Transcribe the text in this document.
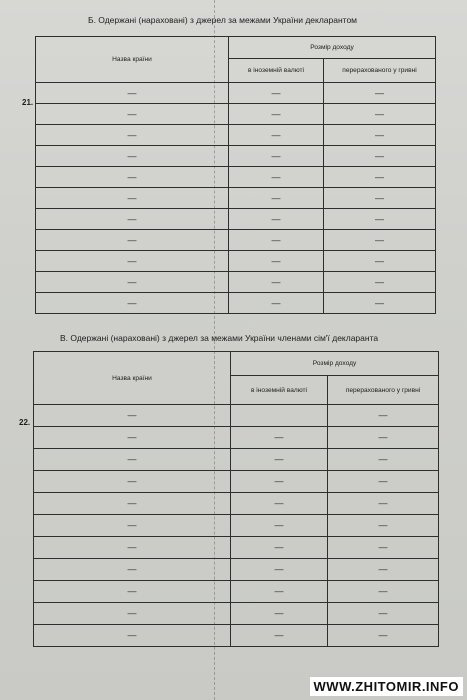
Б. Одержані (нараховані) з джерел за межами України декларантом
Назва країни	Розмір доходу	
	в іноземній валюті	перерахованого у гривні
—	—	—
—	—	—
—	—	—
—	—	—
—	—	—
—	—	—
—	—	—
—	—	—
—	—	—
—	—	—
—	—	—
21.
В. Одержані (нараховані) з джерел за межами України членами сім'ї декларанта
Назва країни	Розмір доходу	
	в іноземній валюті	перерахованого у гривні
—		—
—	—	—
—	—	—
—	—	—
—	—	—
—	—	—
—	—	—
—	—	—
—	—	—
—	—	—
—	—	—
22.
WWW.ZHITOMIR.INFO
